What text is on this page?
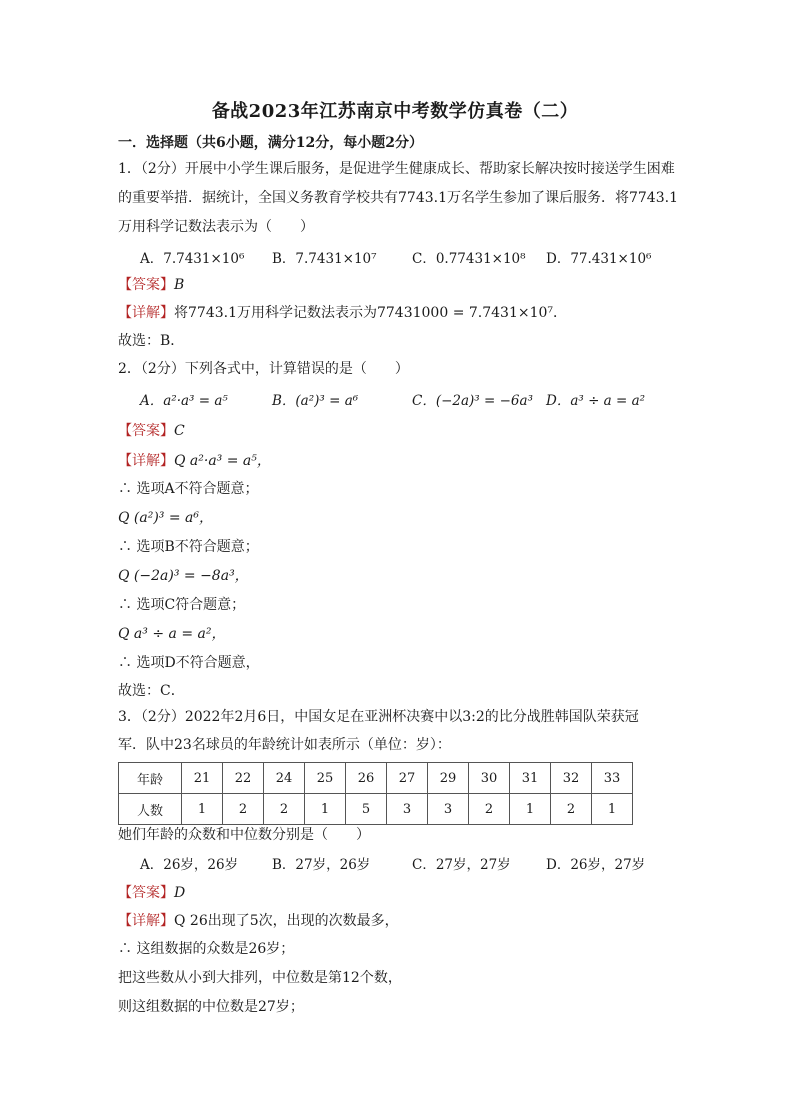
备战2023年江苏南京中考数学仿真卷（二）
一．选择题（共6小题，满分12分，每小题2分）
1．（2分）开展中小学生课后服务，是促进学生健康成长、帮助家长解决按时接送学生困难
的重要举措．据统计，全国义务教育学校共有7743.1万名学生参加了课后服务．将7743.1
万用科学记数法表示为（　　）
A．7.7431×10⁶ B．7.7431×10⁷	C．0.77431×10⁸ D．77.431×10⁶
【答案】B
【详解】将7743.1万用科学记数法表示为77431000 = 7.7431×10⁷．
故选：B．
2．（2分）下列各式中，计算错误的是（　　）
A．a²·a³ = a⁵	B．(a²)³ = a⁶	C．(−2a)³ = −6a³ D．a³ ÷ a = a²
【答案】C
【详解】Q a²·a³ = a⁵，
∴ 选项A不符合题意；
Q (a²)³ = a⁶，
∴ 选项B不符合题意；
Q (−2a)³ = −8a³，
∴ 选项C符合题意；
Q a³ ÷ a = a²，
∴ 选项D不符合题意，
故选：C．
3．（2分）2022年2月6日，中国女足在亚洲杯决赛中以3:2的比分战胜韩国队荣获冠
军．队中23名球员的年龄统计如表所示（单位：岁）：
年龄	21	22	24	25	26	27	29	30	31	32	33
人数	1	2	2	1	5	3	3	2	1	2	1
她们年龄的众数和中位数分别是（　　）
A．26岁，26岁	B．27岁，26岁	C．27岁，27岁	D．26岁，27岁
【答案】D
【详解】Q 26出现了5次，出现的次数最多，
∴ 这组数据的众数是26岁；
把这些数从小到大排列，中位数是第12个数，
则这组数据的中位数是27岁；
